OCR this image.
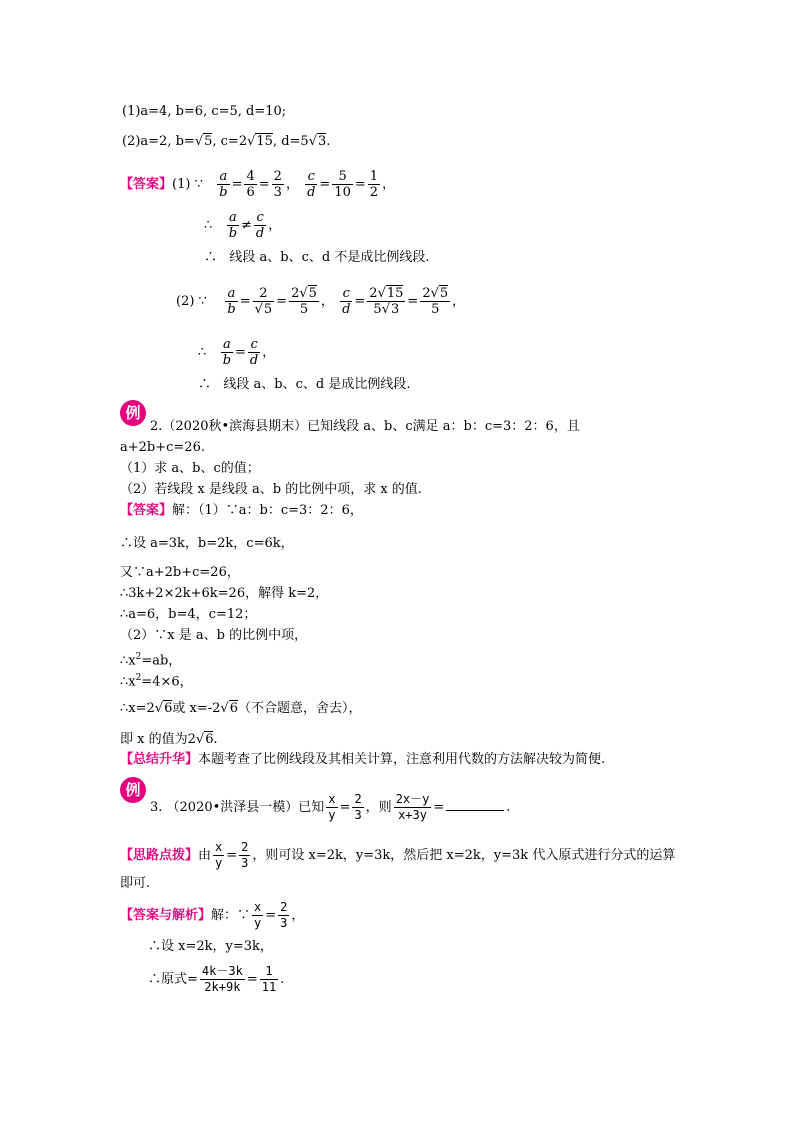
(1)a=4, b=6, c=5, d=10;
(2)a=2, b=√5, c=2√15, d=5√3.
【答案】(1) ∵ $\frac{a}{b} = \frac{4}{6} = \frac{2}{3}$ ， $\frac{c}{d} = \frac{5}{10} = \frac{1}{2}$ ，
∴ $\frac{a}{b} \ne \frac{c}{d}$ ，
∴ 线段 a、b、c、d 不是成比例线段.
(2) ∵ $\frac{a}{b} = \frac{2}{√5} = \frac{2√5}{5}$ ， $\frac{c}{d} = \frac{2√15}{5√3} = \frac{2√5}{5}$ ，
∴ $\frac{a}{b} = \frac{c}{d}$ ，
∴ 线段 a、b、c、d 是成比例线段.
例
2.（2020秋•滨海县期末）已知线段 a、b、c满足 a：b：c=3：2：6，且
a+2b+c=26.
（1）求 a、b、c的值；
（2）若线段 x 是线段 a、b 的比例中项，求 x 的值.
【答案】解：（1）∵a：b：c=3：2：6，
∴设 a=3k，b=2k，c=6k，
又∵a+2b+c=26，
∴3k+2×2k+6k=26，解得 k=2，
∴a=6，b=4，c=12；
（2）∵x 是 a、b 的比例中项，
$\therefore x^2=ab$，
$\therefore x^2=4\times 6$，
∴x=2√6或 x=-2√6（不合题意，舍去），
即 x 的值为2√6.
【总结升华】本题考查了比例线段及其相关计算，注意利用代数的方法解决较为简便.
例
3. （2020•洪泽县一模）已知 $\frac{x}{y} = \frac{2}{3}$ ，则 $\frac{2x-y}{x+3y}$ =	.
【思路点拨】由 $\frac{x}{y} = \frac{2}{3}$ ，则可设 x=2k，y=3k，然后把 x=2k，y=3k 代入原式进行分式的运算
即可.
【答案与解析】解：∵ $\frac{x}{y} = \frac{2}{3}$ ，
∴设 x=2k，y=3k，
∴原式= $\frac{4k-3k}{2k+9k} = \frac{1}{11}$ .
